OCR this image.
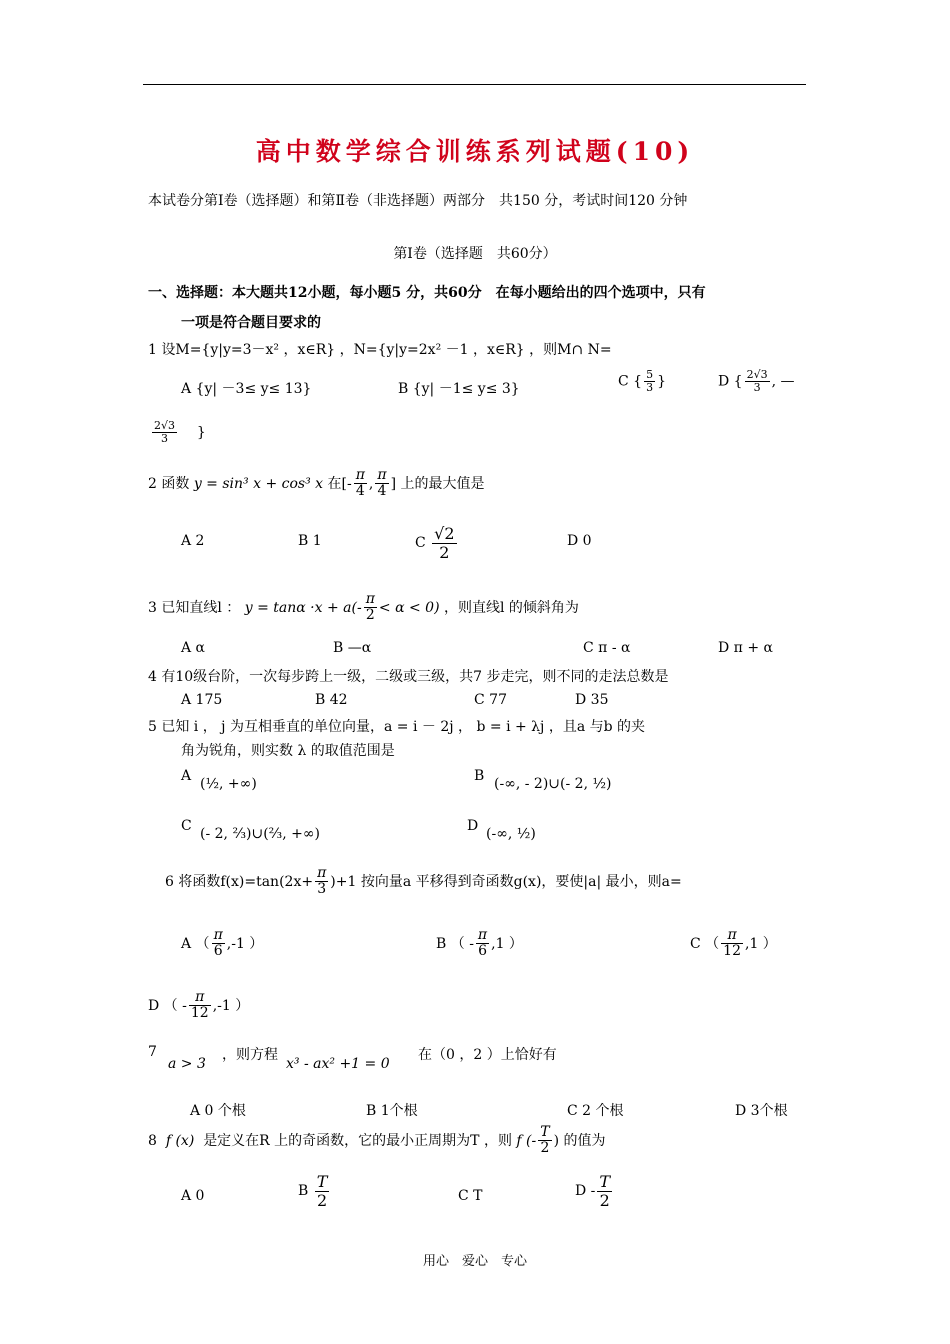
高中数学综合训练系列试题(10)
本试卷分第Ⅰ卷（选择题）和第Ⅱ卷（非选择题）两部分　共150 分，考试时间120 分钟
第Ⅰ卷（选择题　共60分）
一、选择题：本大题共12小题，每小题5 分，共60分　在每小题给出的四个选项中，只有
一项是符合题目要求的
1 设M={y|y=3－x² ，x∈R} ，N={y|y=2x² －1 ，x∈R} ，则M∩ N=
A {y| －3≤ y≤ 13}	B {y| －1≤ y≤ 3}	C { $\frac{5}{3}$ }	D { $\frac{2√3}{3}$ , —
$\frac{2√3}{3}$ }
2 函数 y = sin³ x + cos³ x 在[- $\frac{\pi}{4}$ , $\frac{\pi}{4}$ ] 上的最大值是
A 2	B 1	C $\frac{√2}{2}$	D 0
3 已知直线l ： $y = \tan\alpha \cdot x + a(- \frac{\pi}{2} < \alpha < 0)$ ，则直线l 的倾斜角为
A α	B —α	C π - α	D π + α
4 有10级台阶，一次每步跨上一级，二级或三级，共7 步走完，则不同的走法总数是
A 175	B 42	C 77	D 35
5 已知 i ， j 为互相垂直的单位向量，a = i － 2j ， b = i + λj ，且a 与b 的夹
角为锐角，则实数 λ 的取值范围是
A (½, +∞)	B (-∞, - 2)∪(- 2, ½)
C (- 2, ⅔)∪(⅔, +∞)	D (-∞, ½)
6 将函数$f(x)=\tan(2x+ \frac{\pi}{3} )+1$ 按向量a 平移得到奇函数g(x)，要使|a| 最小，则a=
A （ $\frac{\pi}{6} ,-1$ ）	B （ - $\frac{\pi}{6} ,1$ ）	C （ $\frac{\pi}{12} ,1$ ）
D （ - $\frac{\pi}{12} ,-1$ ）
7
a > 3
，则方程
x³ - ax² +1 = 0
在（0 ，2 ）上恰好有
A 0 个根	B 1个根	C 2 个根	D 3个根
8 f (x) 是定义在R 上的奇函数，它的最小正周期为T ，则 f (- $\frac{T}{2}$ ) 的值为
A 0	B $\frac{T}{2}$	C T	D - $\frac{T}{2}$
用心　爱心　专心
